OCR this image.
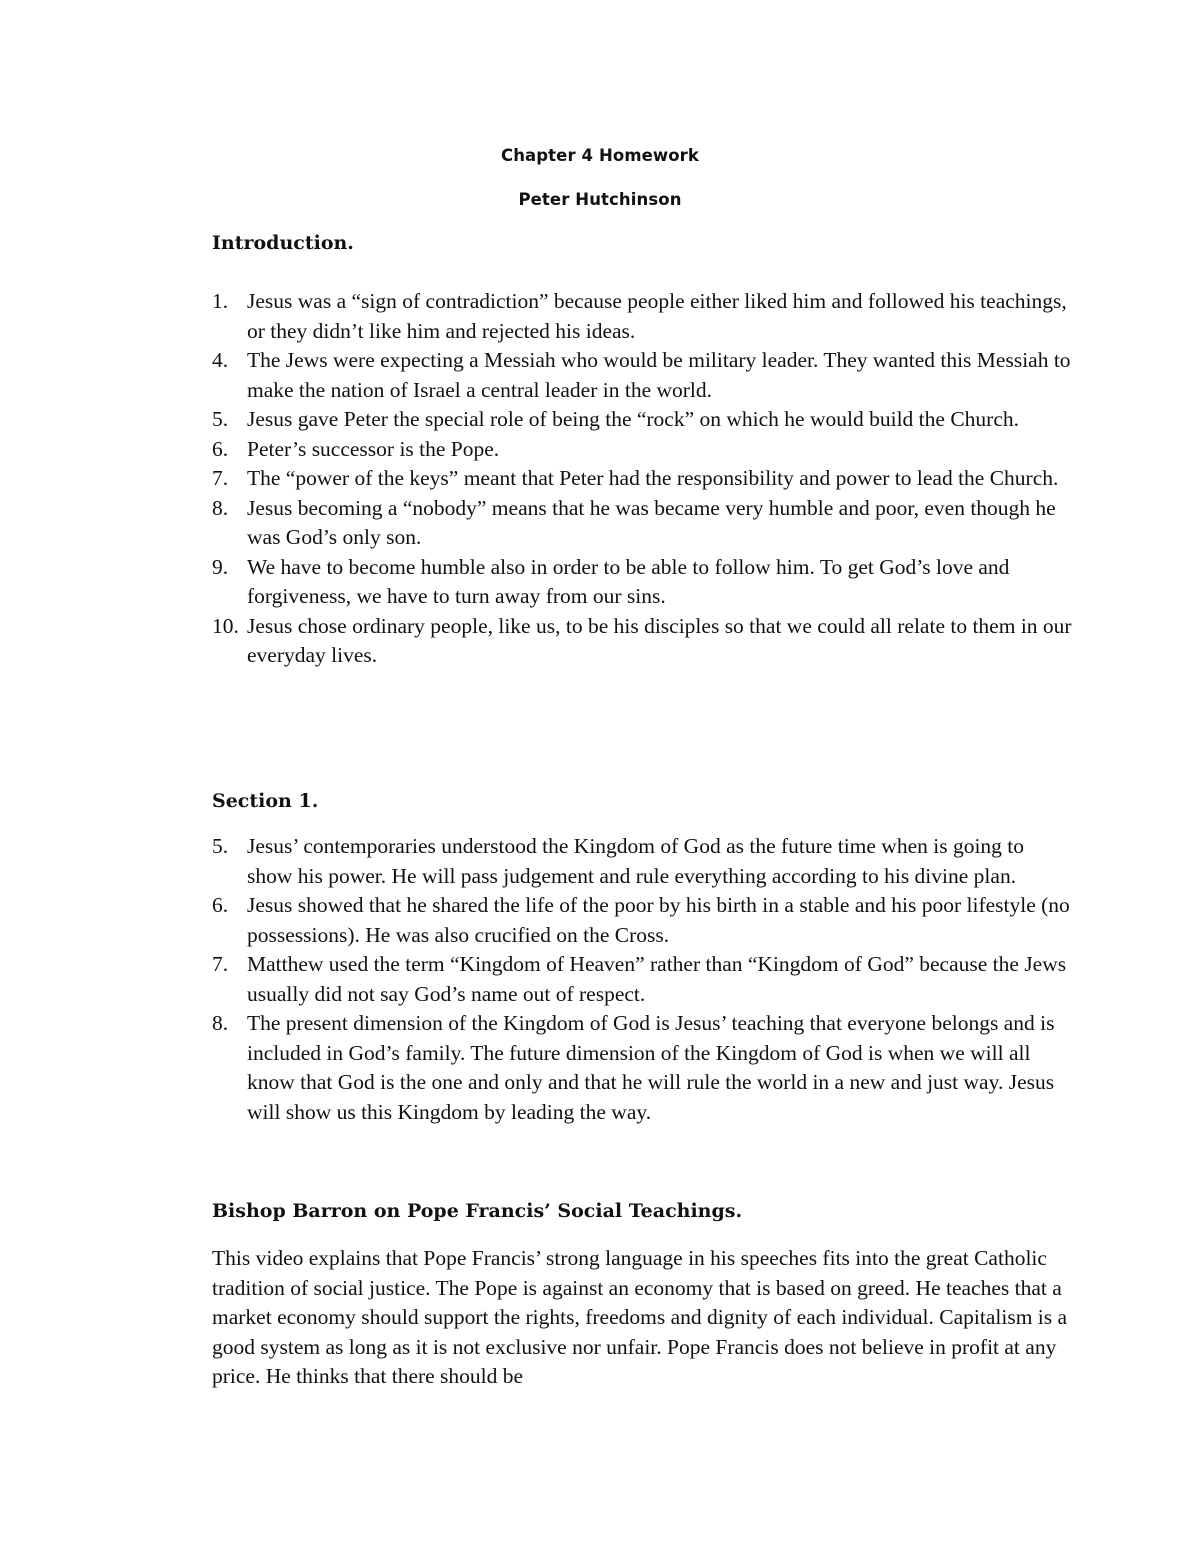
Chapter 4 Homework
Peter Hutchinson
Introduction.
1. Jesus was a “sign of contradiction” because people either liked him and followed his teachings, or they didn’t like him and rejected his ideas.
4. The Jews were expecting a Messiah who would be military leader. They wanted this Messiah to make the nation of Israel a central leader in the world.
5. Jesus gave Peter the special role of being the “rock” on which he would build the Church.
6. Peter’s successor is the Pope.
7. The “power of the keys” meant that Peter had the responsibility and power to lead the Church.
8. Jesus becoming a “nobody” means that he was became very humble and poor, even though he was God’s only son.
9. We have to become humble also in order to be able to follow him. To get God’s love and forgiveness, we have to turn away from our sins.
10. Jesus chose ordinary people, like us, to be his disciples so that we could all relate to them in our everyday lives.
Section 1.
5. Jesus’ contemporaries understood the Kingdom of God as the future time when is going to show his power. He will pass judgement and rule everything according to his divine plan.
6. Jesus showed that he shared the life of the poor by his birth in a stable and his poor lifestyle (no possessions). He was also crucified on the Cross.
7. Matthew used the term “Kingdom of Heaven” rather than “Kingdom of God” because the Jews usually did not say God’s name out of respect.
8. The present dimension of the Kingdom of God is Jesus’ teaching that everyone belongs and is included in God’s family. The future dimension of the Kingdom of God is when we will all know that God is the one and only and that he will rule the world in a new and just way. Jesus will show us this Kingdom by leading the way.
Bishop Barron on Pope Francis’ Social Teachings.

This video explains that Pope Francis’ strong language in his speeches fits into the great Catholic tradition of social justice. The Pope is against an economy that is based on greed. He teaches that a market economy should support the rights, freedoms and dignity of each individual. Capitalism is a good system as long as it is not exclusive nor unfair. Pope Francis does not believe in profit at any price. He thinks that there should be
